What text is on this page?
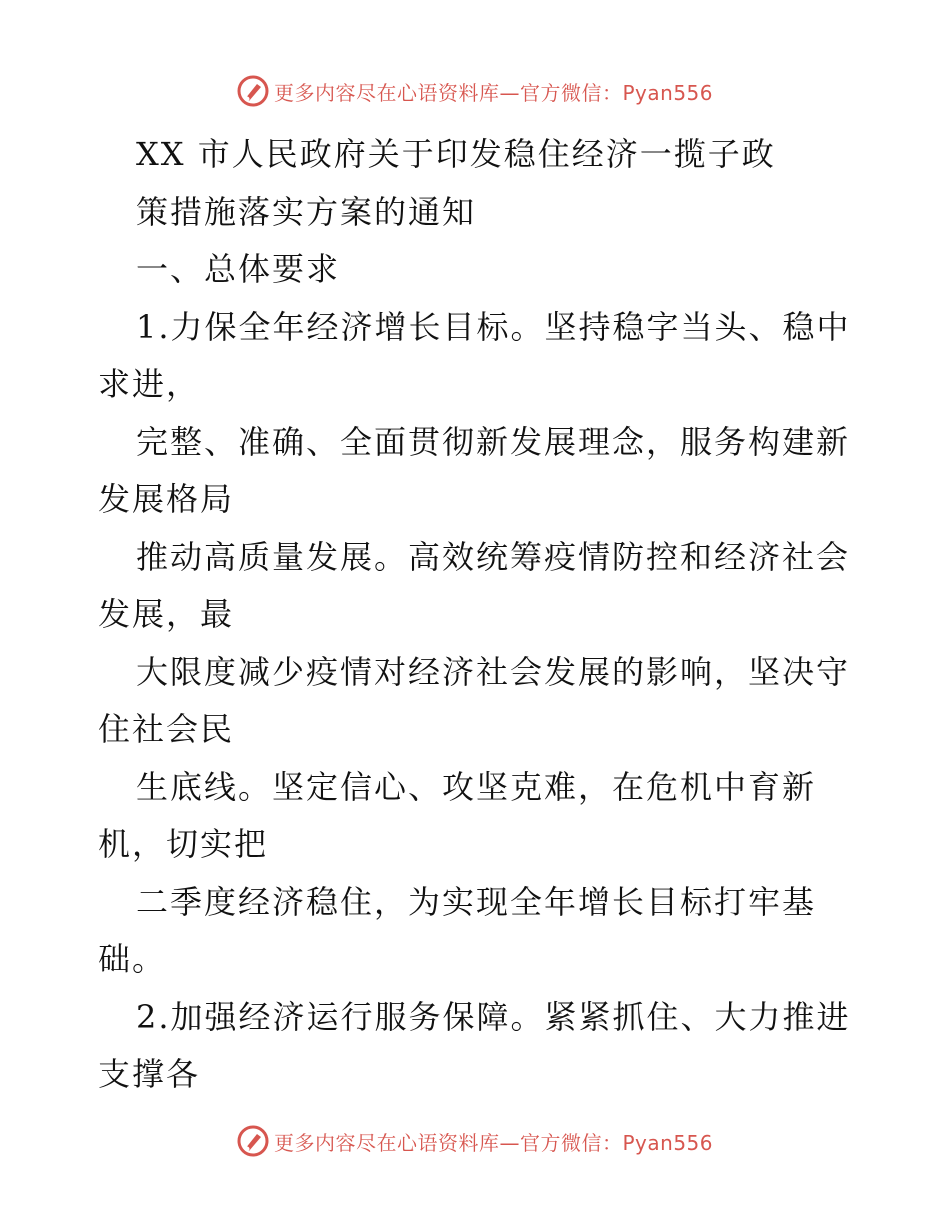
更多内容尽在心语资料库—官方微信：Pyan556
XX 市人民政府关于印发稳住经济一揽子政
策措施落实方案的通知
一、总体要求
1.力保全年经济增长目标。坚持稳字当头、稳中
求进，
完整、准确、全面贯彻新发展理念，服务构建新
发展格局
推动高质量发展。高效统筹疫情防控和经济社会
发展，最
大限度减少疫情对经济社会发展的影响，坚决守
住社会民
生底线。坚定信心、攻坚克难，在危机中育新
机，切实把
二季度经济稳住，为实现全年增长目标打牢基
础。
2.加强经济运行服务保障。紧紧抓住、大力推进
支撑各
更多内容尽在心语资料库—官方微信：Pyan556
